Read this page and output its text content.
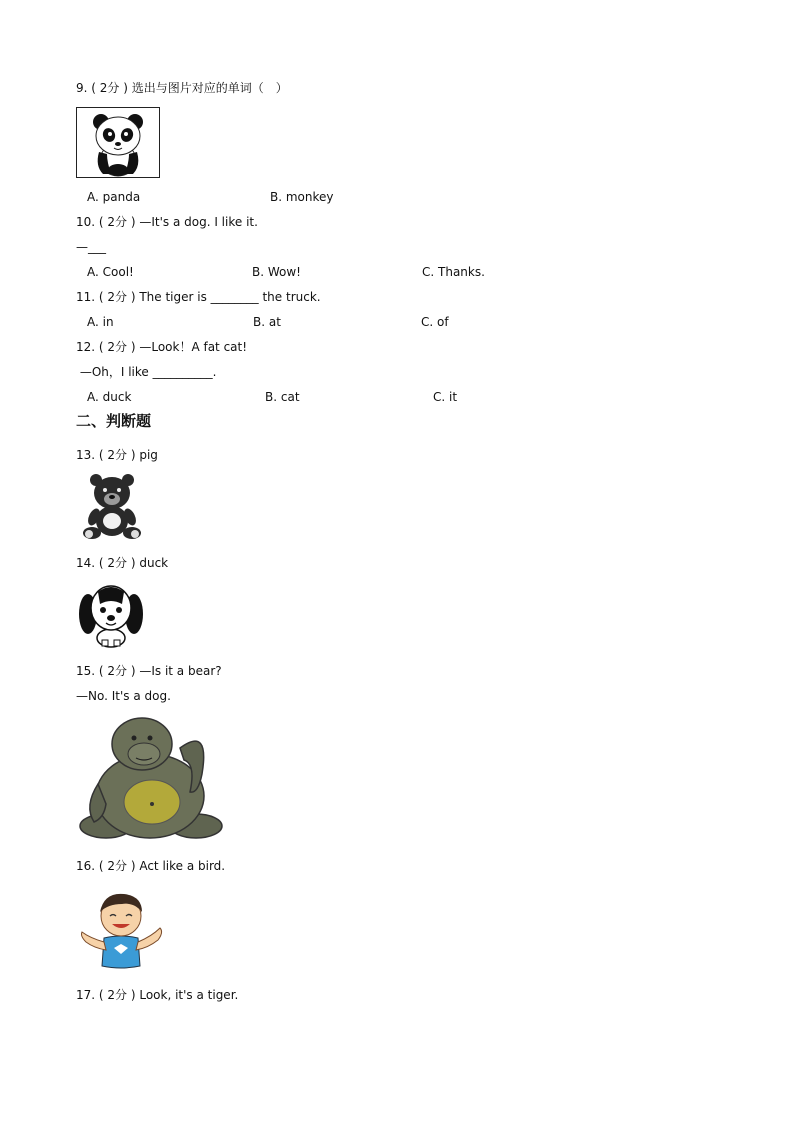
9. ( 2分 ) 选出与图片对应的单词（　）
A. panda	B. monkey
10. ( 2分 ) —It's a dog. I like it.
—___
A. Cool!	B. Wow!	C. Thanks.
11. ( 2分 ) The tiger is ________ the truck.
A. in	B. at	C. of
12. ( 2分 ) —Look！A fat cat!
—Oh，I like __________.
A. duck	B. cat	C. it
二、判断题
13. ( 2分 ) pig
14. ( 2分 ) duck
15. ( 2分 ) —Is it a bear?
—No. It's a dog.
16. ( 2分 ) Act like a bird.
17. ( 2分 ) Look, it's a tiger.
